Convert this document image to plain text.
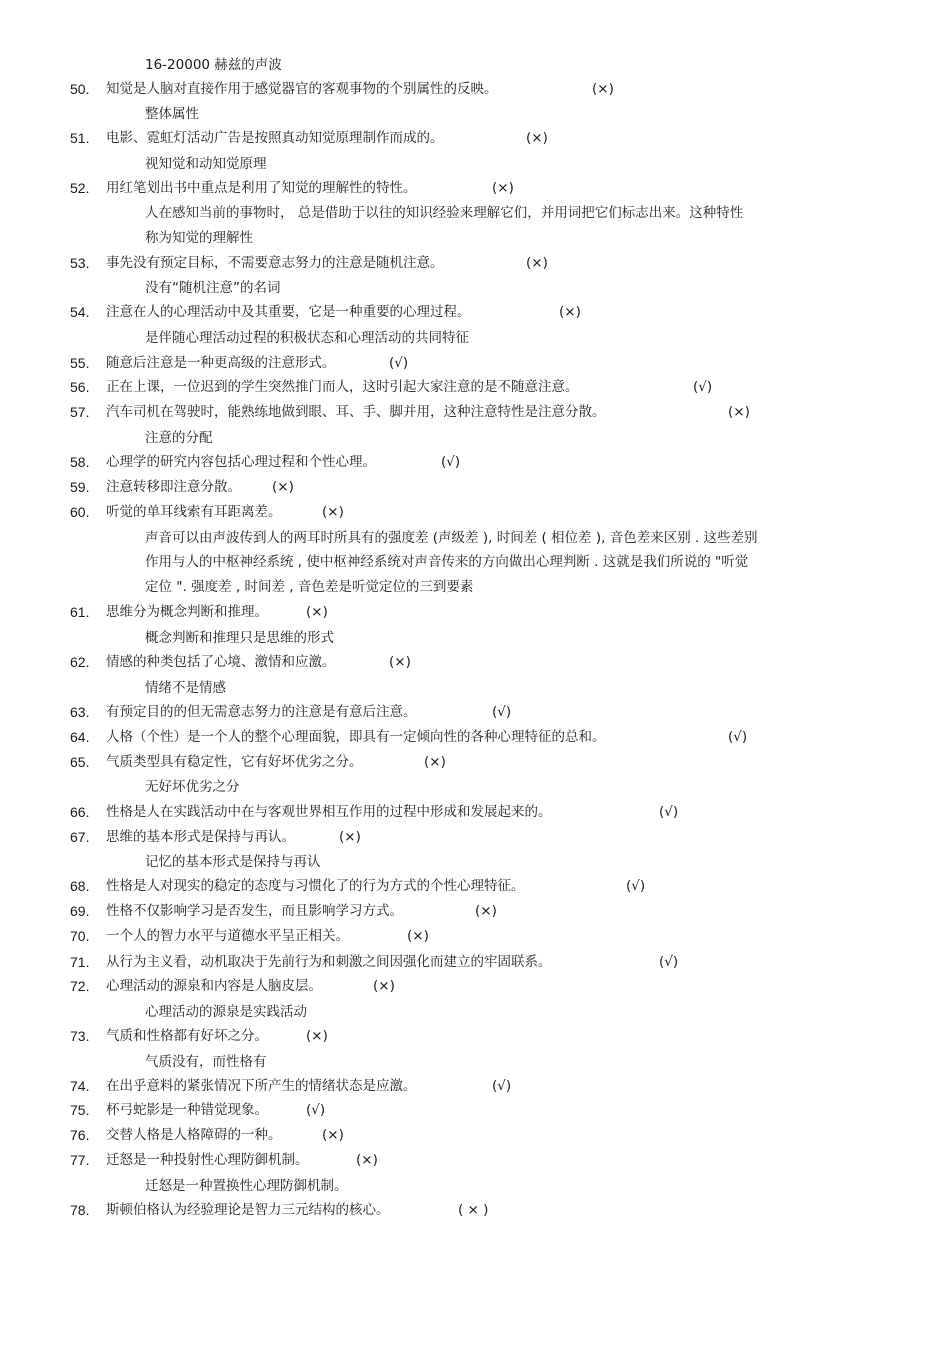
16-20000 赫兹的声波
50.	知觉是人脑对直接作用于感觉器官的客观事物的个别属性的反映。	(×)
整体属性
51.	电影、霓虹灯活动广告是按照真动知觉原理制作而成的。	(×)
视知觉和动知觉原理
52.	用红笔划出书中重点是利用了知觉的理解性的特性。	(×)
人在感知当前的事物时， 总是借助于以往的知识经验来理解它们，并用词把它们标志出来。这种特性
称为知觉的理解性
53.	事先没有预定目标，不需要意志努力的注意是随机注意。	(×)
没有“随机注意”的名词
54.	注意在人的心理活动中及其重要，它是一种重要的心理过程。	(×)
是伴随心理活动过程的积极状态和心理活动的共同特征
55.	随意后注意是一种更高级的注意形式。	(√)
56.	正在上课，一位迟到的学生突然推门而人，这时引起大家注意的是不随意注意。	(√)
57.	汽车司机在驾驶时，能熟练地做到眼、耳、手、脚并用，这种注意特性是注意分散。	(×)
注意的分配
58.	心理学的研究内容包括心理过程和个性心理。	(√)
59.	注意转移即注意分散。 (×)
60.	听觉的单耳线索有耳距离差。	(×)
声音可以由声波传到人的两耳时所具有的强度差 (声级差 ), 时间差 ( 相位差 ), 音色差来区别 . 这些差别
作用与人的中枢神经系统 , 使中枢神经系统对声音传来的方向做出心理判断 . 这就是我们所说的 "听觉
定位 ". 强度差 , 时间差 , 音色差是听觉定位的三到要素
61.	思维分为概念判断和推理。	(×)
概念判断和推理只是思维的形式
62.	情感的种类包括了心境、激情和应激。	(×)
情绪不是情感
63.	有预定目的的但无需意志努力的注意是有意后注意。	(√)
64.	人格（个性）是一个人的整个心理面貌，即具有一定倾向性的各种心理特征的总和。	(√)
65.	气质类型具有稳定性，它有好坏优劣之分。	(×)
无好坏优劣之分
66.	性格是人在实践活动中在与客观世界相互作用的过程中形成和发展起来的。	(√)
67.	思维的基本形式是保持与再认。	(×)
记忆的基本形式是保持与再认
68.	性格是人对现实的稳定的态度与习惯化了的行为方式的个性心理特征。	(√)
69.	性格不仅影响学习是否发生，而且影响学习方式。	(×)
70.	一个人的智力水平与道德水平呈正相关。	(×)
71.	从行为主义看，动机取决于先前行为和刺激之间因强化而建立的牢固联系。	(√)
72.	心理活动的源泉和内容是人脑皮层。	(×)
心理活动的源泉是实践活动
73.	气质和性格都有好坏之分。	(×)
气质没有，而性格有
74.	在出乎意料的紧张情况下所产生的情绪状态是应激。	(√)
75.	杯弓蛇影是一种错觉现象。	(√)
76.	交替人格是人格障碍的一种。	(×)
77.	迁怒是一种投射性心理防御机制。	(×)
迁怒是一种置换性心理防御机制。
78.	斯顿伯格认为经验理论是智力三元结构的核心。	( × )
